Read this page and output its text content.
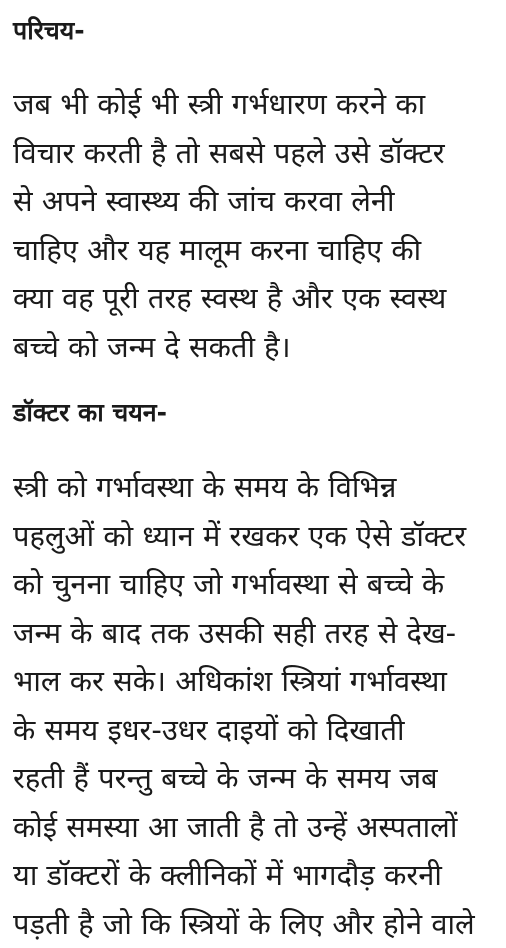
परिचय-

जब भी कोई भी स्त्री गर्भधारण करने का
विचार करती है तो सबसे पहले उसे डॉक्टर
से अपने स्वास्थ्य की जांच करवा लेनी
चाहिए और यह मालूम करना चाहिए की
क्या वह पूरी तरह स्वस्थ है और एक स्वस्थ
बच्चे को जन्म दे सकती है।

डॉक्टर का चयन-

स्त्री को गर्भावस्था के समय के विभिन्न
पहलुओं को ध्यान में रखकर एक ऐसे डॉक्टर
को चुनना चाहिए जो गर्भावस्था से बच्चे के
जन्म के बाद तक उसकी सही तरह से देख-
भाल कर सके। अधिकांश स्त्रियां गर्भावस्था
के समय इधर-उधर दाइयों को दिखाती
रहती हैं परन्तु बच्चे के जन्म के समय जब
कोई समस्या आ जाती है तो उन्हें अस्पतालों
या डॉक्टरों के क्लीनिकों में भागदौड़ करनी
पड़ती है जो कि स्त्रियों के लिए और होने वाले
